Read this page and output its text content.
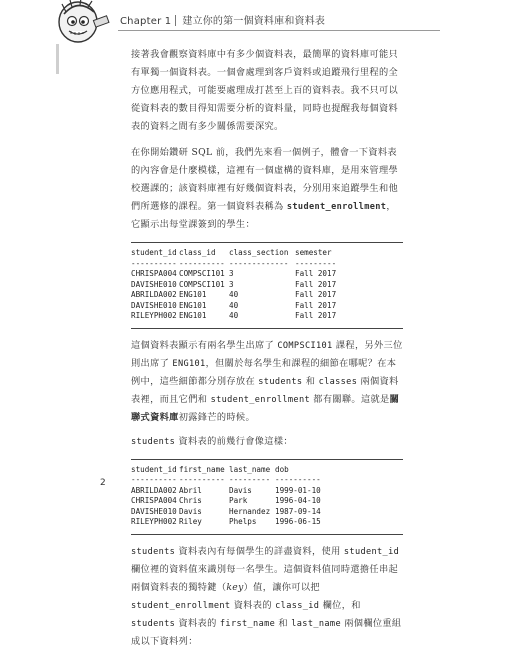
Chapter 1 建立你的第一個資料庫和資料表

接著我會觀察資料庫中有多少個資料表，最簡單的資料庫可能只有單獨一個資料表。一個會處理到客戶資料或追蹤飛行里程的全方位應用程式，可能要處理成打甚至上百的資料表。我不只可以從資料表的數目得知需要分析的資料量，同時也提醒我每個資料表的資料之間有多少關係需要深究。

在你開始鑽研 SQL 前，我們先來看一個例子，體會一下資料表的內容會是什麼模樣，這裡有一個虛構的資料庫，是用來管理學校選課的；該資料庫裡有好幾個資料表，分別用來追蹤學生和他們所選修的課程。第一個資料表稱為 student_enrollment，它顯示出每堂課簽到的學生：

student_id class_id	class_section semester
---------- ---------- ------------- ---------
CHRISPA004 COMPSCI101 3	Fall 2017
DAVISHE010 COMPSCI101 3	Fall 2017
ABRILDA002 ENG101	40	Fall 2017
DAVISHE010 ENG101	40	Fall 2017
RILEYPH002 ENG101	40	Fall 2017

這個資料表顯示有兩名學生出席了 COMPSCI101 課程，另外三位則出席了 ENG101，但關於每名學生和課程的細節在哪呢？在本例中，這些細節都分別存放在 students 和 classes 兩個資料表裡，而且它們和 student_enrollment 都有關聯。這就是關聯式資料庫初露鋒芒的時候。

students 資料表的前幾行會像這樣：

student_id first_name last_name dob
---------- ---------- --------- ----------
ABRILDA002 Abril	Davis	1999-01-10
CHRISPA004 Chris	Park	1996-04-10
DAVISHE010 Davis	Hernandez 1987-09-14
RILEYPH002 Riley	Phelps	1996-06-15

students 資料表內有每個學生的詳盡資料，使用 student_id 欄位裡的資料值來識別每一名學生。這個資料值同時還擔任串起兩個資料表的獨特鍵（key）值，讓你可以把 student_enrollment 資料表的 class_id 欄位，和 students 資料表的 first_name 和 last_name 兩個欄位重組成以下資料列：

2
